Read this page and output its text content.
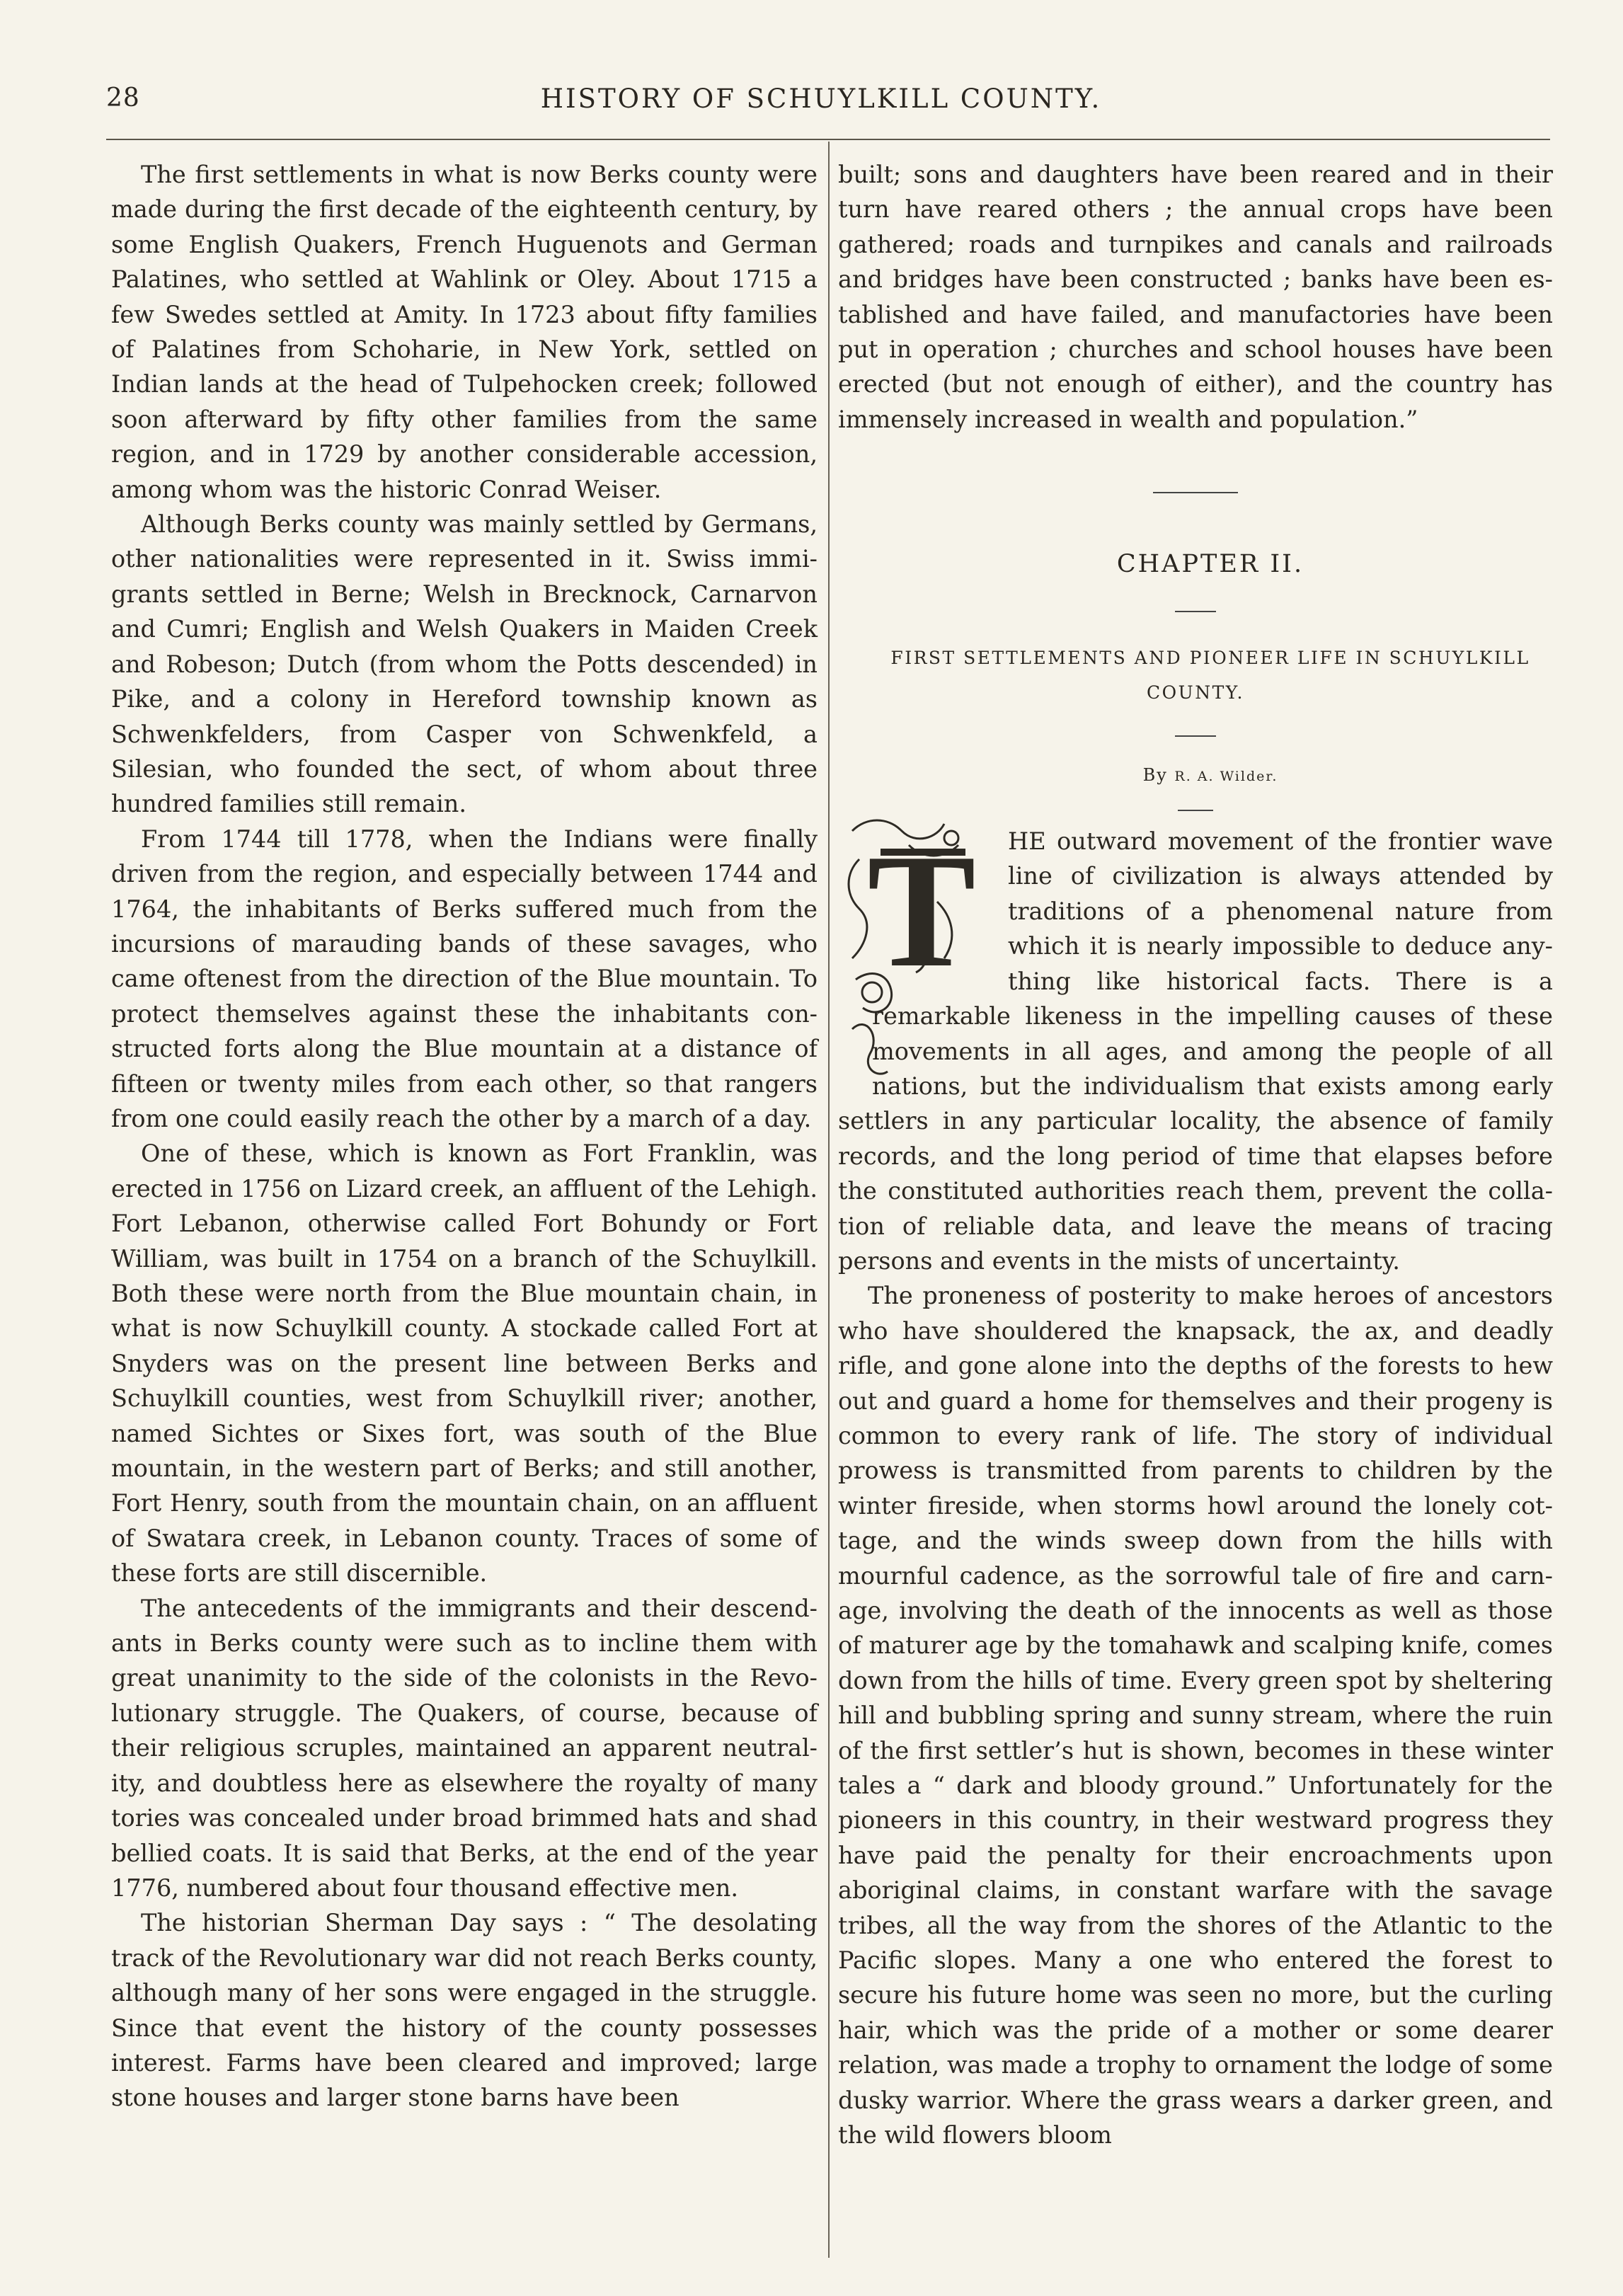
28	HISTORY OF SCHUYLKILL COUNTY.

The first settlements in what is now Berks county were made during the first decade of the eighteenth century, by some English Quakers, French Huguenots and German Palatines, who settled at Wahlink or Oley. About 1715 a few Swedes settled at Amity. In 1723 about fifty families of Palatines from Schoharie, in New York, settled on Indian lands at the head of Tulpehocken creek; followed soon afterward by fifty other families from the same region, and in 1729 by another considerable accession, among whom was the historic Conrad Weiser.

Although Berks county was mainly settled by Germans, other nationalities were represented in it. Swiss immigrants settled in Berne; Welsh in Brecknock, Carnarvon and Cumri; English and Welsh Quakers in Maiden Creek and Robeson; Dutch (from whom the Potts descended) in Pike, and a colony in Hereford township known as Schwenkfelders, from Casper von Schwenkfeld, a Silesian, who founded the sect, of whom about three hundred families still remain.

From 1744 till 1778, when the Indians were finally driven from the region, and especially between 1744 and 1764, the inhabitants of Berks suffered much from the incursions of marauding bands of these savages, who came oftenest from the direction of the Blue mountain. To protect themselves against these the inhabitants constructed forts along the Blue mountain at a distance of fifteen or twenty miles from each other, so that rangers from one could easily reach the other by a march of a day.

One of these, which is known as Fort Franklin, was erected in 1756 on Lizard creek, an affluent of the Lehigh. Fort Lebanon, otherwise called Fort Bohundy or Fort William, was built in 1754 on a branch of the Schuylkill. Both these were north from the Blue mountain chain, in what is now Schuylkill county. A stockade called Fort at Snyders was on the present line between Berks and Schuylkill counties, west from Schuylkill river; another, named Sichtes or Sixes fort, was south of the Blue mountain, in the western part of Berks; and still another, Fort Henry, south from the mountain chain, on an affluent of Swatara creek, in Lebanon county. Traces of some of these forts are still discernible.

The antecedents of the immigrants and their descendants in Berks county were such as to incline them with great unanimity to the side of the colonists in the Revolutionary struggle. The Quakers, of course, because of their religious scruples, maintained an apparent neutrality, and doubtless here as elsewhere the royalty of many tories was concealed under broad brimmed hats and shad bellied coats. It is said that Berks, at the end of the year 1776, numbered about four thousand effective men.

The historian Sherman Day says : “ The desolating track of the Revolutionary war did not reach Berks county, although many of her sons were engaged in the struggle. Since that event the history of the county possesses interest. Farms have been cleared and improved; large stone houses and larger stone barns have been

built; sons and daughters have been reared and in their turn have reared others ; the annual crops have been gathered; roads and turnpikes and canals and railroads and bridges have been constructed ; banks have been established and have failed, and manufactories have been put in operation ; churches and school houses have been erected (but not enough of either), and the country has immensely increased in wealth and population.”

CHAPTER II.

FIRST SETTLEMENTS AND PIONEER LIFE IN SCHUYLKILL COUNTY.

By R. A. Wilder.

T	HE outward movement of the frontier wave line of civilization is always attended by traditions of a phenomenal nature from which it is nearly impossible to deduce anything like historical facts. There is a remarkable likeness in the impelling causes of these movements in all ages, and among the people of all nations, but the individualism that exists among early settlers in any particular locality, the absence of family records, and the long period of time that elapses before the constituted authorities reach them, prevent the collation of reliable data, and leave the means of tracing persons and events in the mists of uncertainty.

The proneness of posterity to make heroes of ancestors who have shouldered the knapsack, the ax, and deadly rifle, and gone alone into the depths of the forests to hew out and guard a home for themselves and their progeny is common to every rank of life. The story of individual prowess is transmitted from parents to children by the winter fireside, when storms howl around the lonely cottage, and the winds sweep down from the hills with mournful cadence, as the sorrowful tale of fire and carnage, involving the death of the innocents as well as those of maturer age by the tomahawk and scalping knife, comes down from the hills of time. Every green spot by sheltering hill and bubbling spring and sunny stream, where the ruin of the first settler’s hut is shown, becomes in these winter tales a “ dark and bloody ground.” Unfortunately for the pioneers in this country, in their westward progress they have paid the penalty for their encroachments upon aboriginal claims, in constant warfare with the savage tribes, all the way from the shores of the Atlantic to the Pacific slopes. Many a one who entered the forest to secure his future home was seen no more, but the curling hair, which was the pride of a mother or some dearer relation, was made a trophy to ornament the lodge of some dusky warrior. Where the grass wears a darker green, and the wild flowers bloom
